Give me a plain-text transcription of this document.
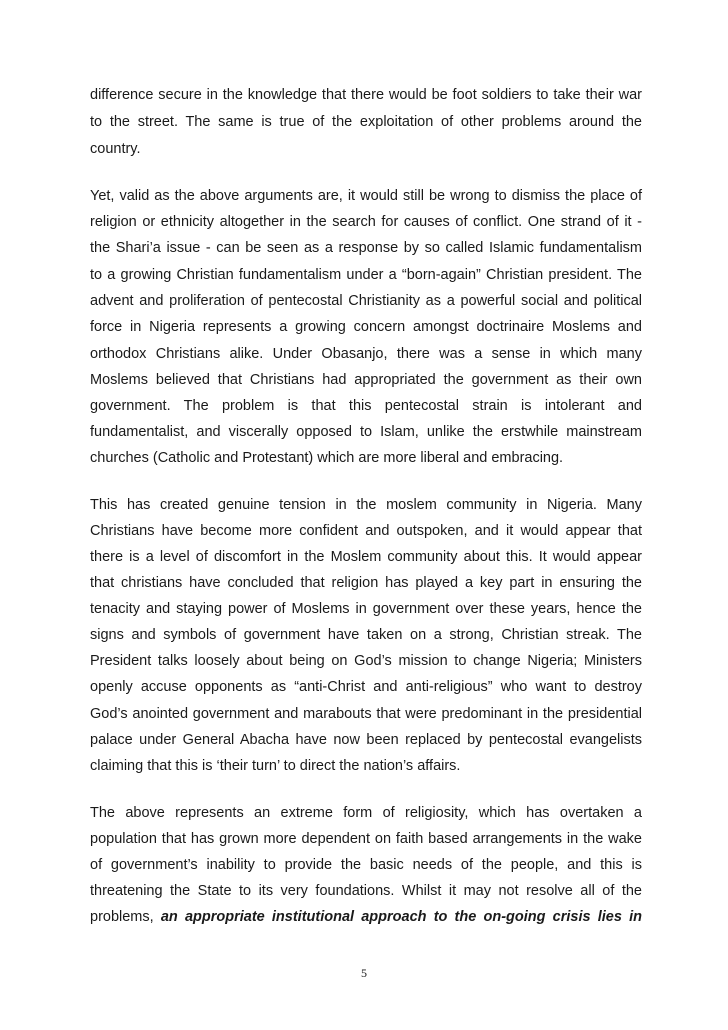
difference secure in the knowledge that there would be foot soldiers to take their war
to the street. The same is true of the exploitation of other problems around the
country.
Yet, valid as the above arguments are, it would still be wrong to dismiss the place of
religion or ethnicity altogether in the search for causes of conflict. One strand of it -
the Shari’a issue - can be seen as a response by so called Islamic fundamentalism
to a growing Christian fundamentalism under a “born-again” Christian president. The
advent and proliferation of pentecostal Christianity as a powerful social and political
force in Nigeria represents a growing concern amongst doctrinaire Moslems and
orthodox Christians alike. Under Obasanjo, there was a sense in which many
Moslems believed that Christians had appropriated the government as their own
government. The problem is that this pentecostal strain is intolerant and
fundamentalist, and viscerally opposed to Islam, unlike the erstwhile mainstream
churches (Catholic and Protestant) which are more liberal and embracing.
This has created genuine tension in the moslem community in Nigeria. Many
Christians have become more confident and outspoken, and it would appear that
there is a level of discomfort in the Moslem community about this. It would appear
that christians have concluded that religion has played a key part in ensuring the
tenacity and staying power of Moslems in government over these years, hence the
signs and symbols of government have taken on a strong, Christian streak. The
President talks loosely about being on God’s mission to change Nigeria; Ministers
openly accuse opponents as “anti-Christ and anti-religious” who want to destroy
God’s anointed government and marabouts that were predominant in the presidential
palace under General Abacha have now been replaced by pentecostal evangelists
claiming that this is ‘their turn’ to direct the nation’s affairs.
The above represents an extreme form of religiosity, which has overtaken a
population that has grown more dependent on faith based arrangements in the wake
of government’s inability to provide the basic needs of the people, and this is
threatening the State to its very foundations. Whilst it may not resolve all of the
problems, an appropriate institutional approach to the on-going crisis lies in
5
